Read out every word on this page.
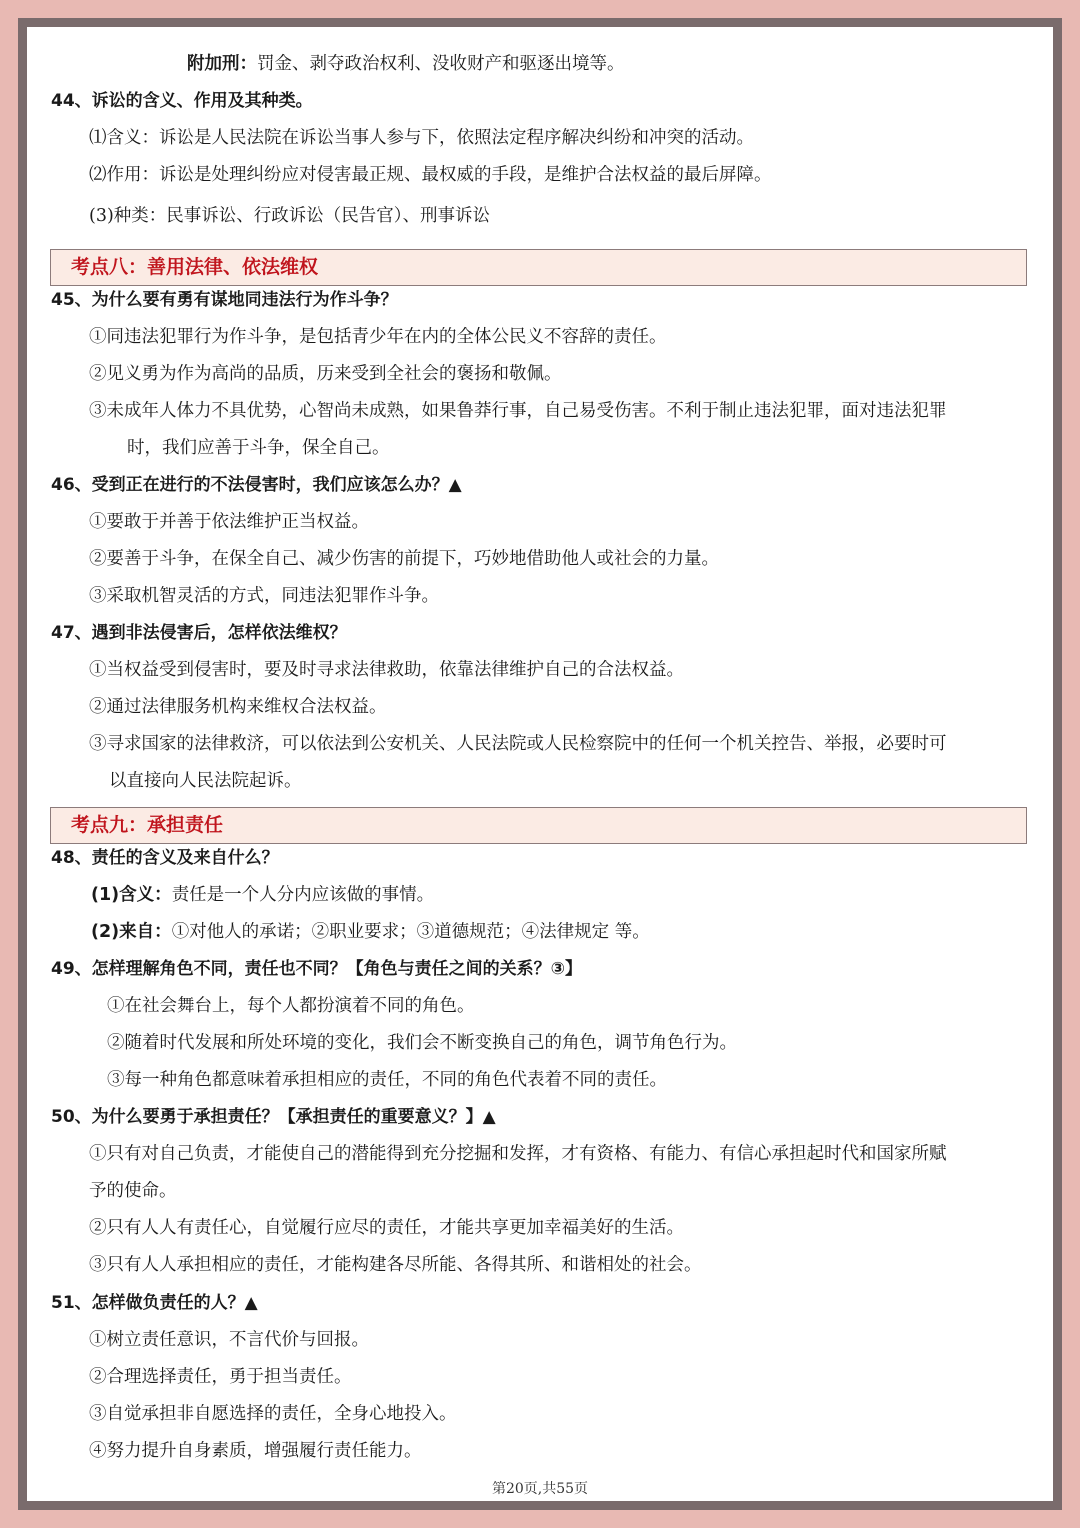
附加刑：罚金、剥夺政治权利、没收财产和驱逐出境等。
44、诉讼的含义、作用及其种类。
⑴含义：诉讼是人民法院在诉讼当事人参与下，依照法定程序解决纠纷和冲突的活动。
⑵作用：诉讼是处理纠纷应对侵害最正规、最权威的手段，是维护合法权益的最后屏障。
(3)种类：民事诉讼、行政诉讼（民告官）、刑事诉讼
考点八：善用法律、依法维权
45、为什么要有勇有谋地同违法行为作斗争？
①同违法犯罪行为作斗争，是包括青少年在内的全体公民义不容辞的责任。
②见义勇为作为高尚的品质，历来受到全社会的褒扬和敬佩。
③未成年人体力不具优势，心智尚未成熟，如果鲁莽行事，自己易受伤害。不利于制止违法犯罪，面对违法犯罪
时，我们应善于斗争，保全自己。
46、受到正在进行的不法侵害时，我们应该怎么办？▲
①要敢于并善于依法维护正当权益。
②要善于斗争，在保全自己、减少伤害的前提下，巧妙地借助他人或社会的力量。
③采取机智灵活的方式，同违法犯罪作斗争。
47、遇到非法侵害后，怎样依法维权？
①当权益受到侵害时，要及时寻求法律救助，依靠法律维护自己的合法权益。
②通过法律服务机构来维权合法权益。
③寻求国家的法律救济，可以依法到公安机关、人民法院或人民检察院中的任何一个机关控告、举报，必要时可
以直接向人民法院起诉。
考点九：承担责任
48、责任的含义及来自什么？
(1)含义：责任是一个人分内应该做的事情。
(2)来自：①对他人的承诺；②职业要求；③道德规范；④法律规定 等。
49、怎样理解角色不同，责任也不同？【角色与责任之间的关系？③】
①在社会舞台上，每个人都扮演着不同的角色。
②随着时代发展和所处环境的变化，我们会不断变换自己的角色，调节角色行为。
③每一种角色都意味着承担相应的责任，不同的角色代表着不同的责任。
50、为什么要勇于承担责任？【承担责任的重要意义？】▲
①只有对自己负责，才能使自己的潜能得到充分挖掘和发挥，才有资格、有能力、有信心承担起时代和国家所赋
予的使命。
②只有人人有责任心，自觉履行应尽的责任，才能共享更加幸福美好的生活。
③只有人人承担相应的责任，才能构建各尽所能、各得其所、和谐相处的社会。
51、怎样做负责任的人？▲
①树立责任意识，不言代价与回报。
②合理选择责任，勇于担当责任。
③自觉承担非自愿选择的责任，全身心地投入。
④努力提升自身素质，增强履行责任能力。
第20页,共55页
